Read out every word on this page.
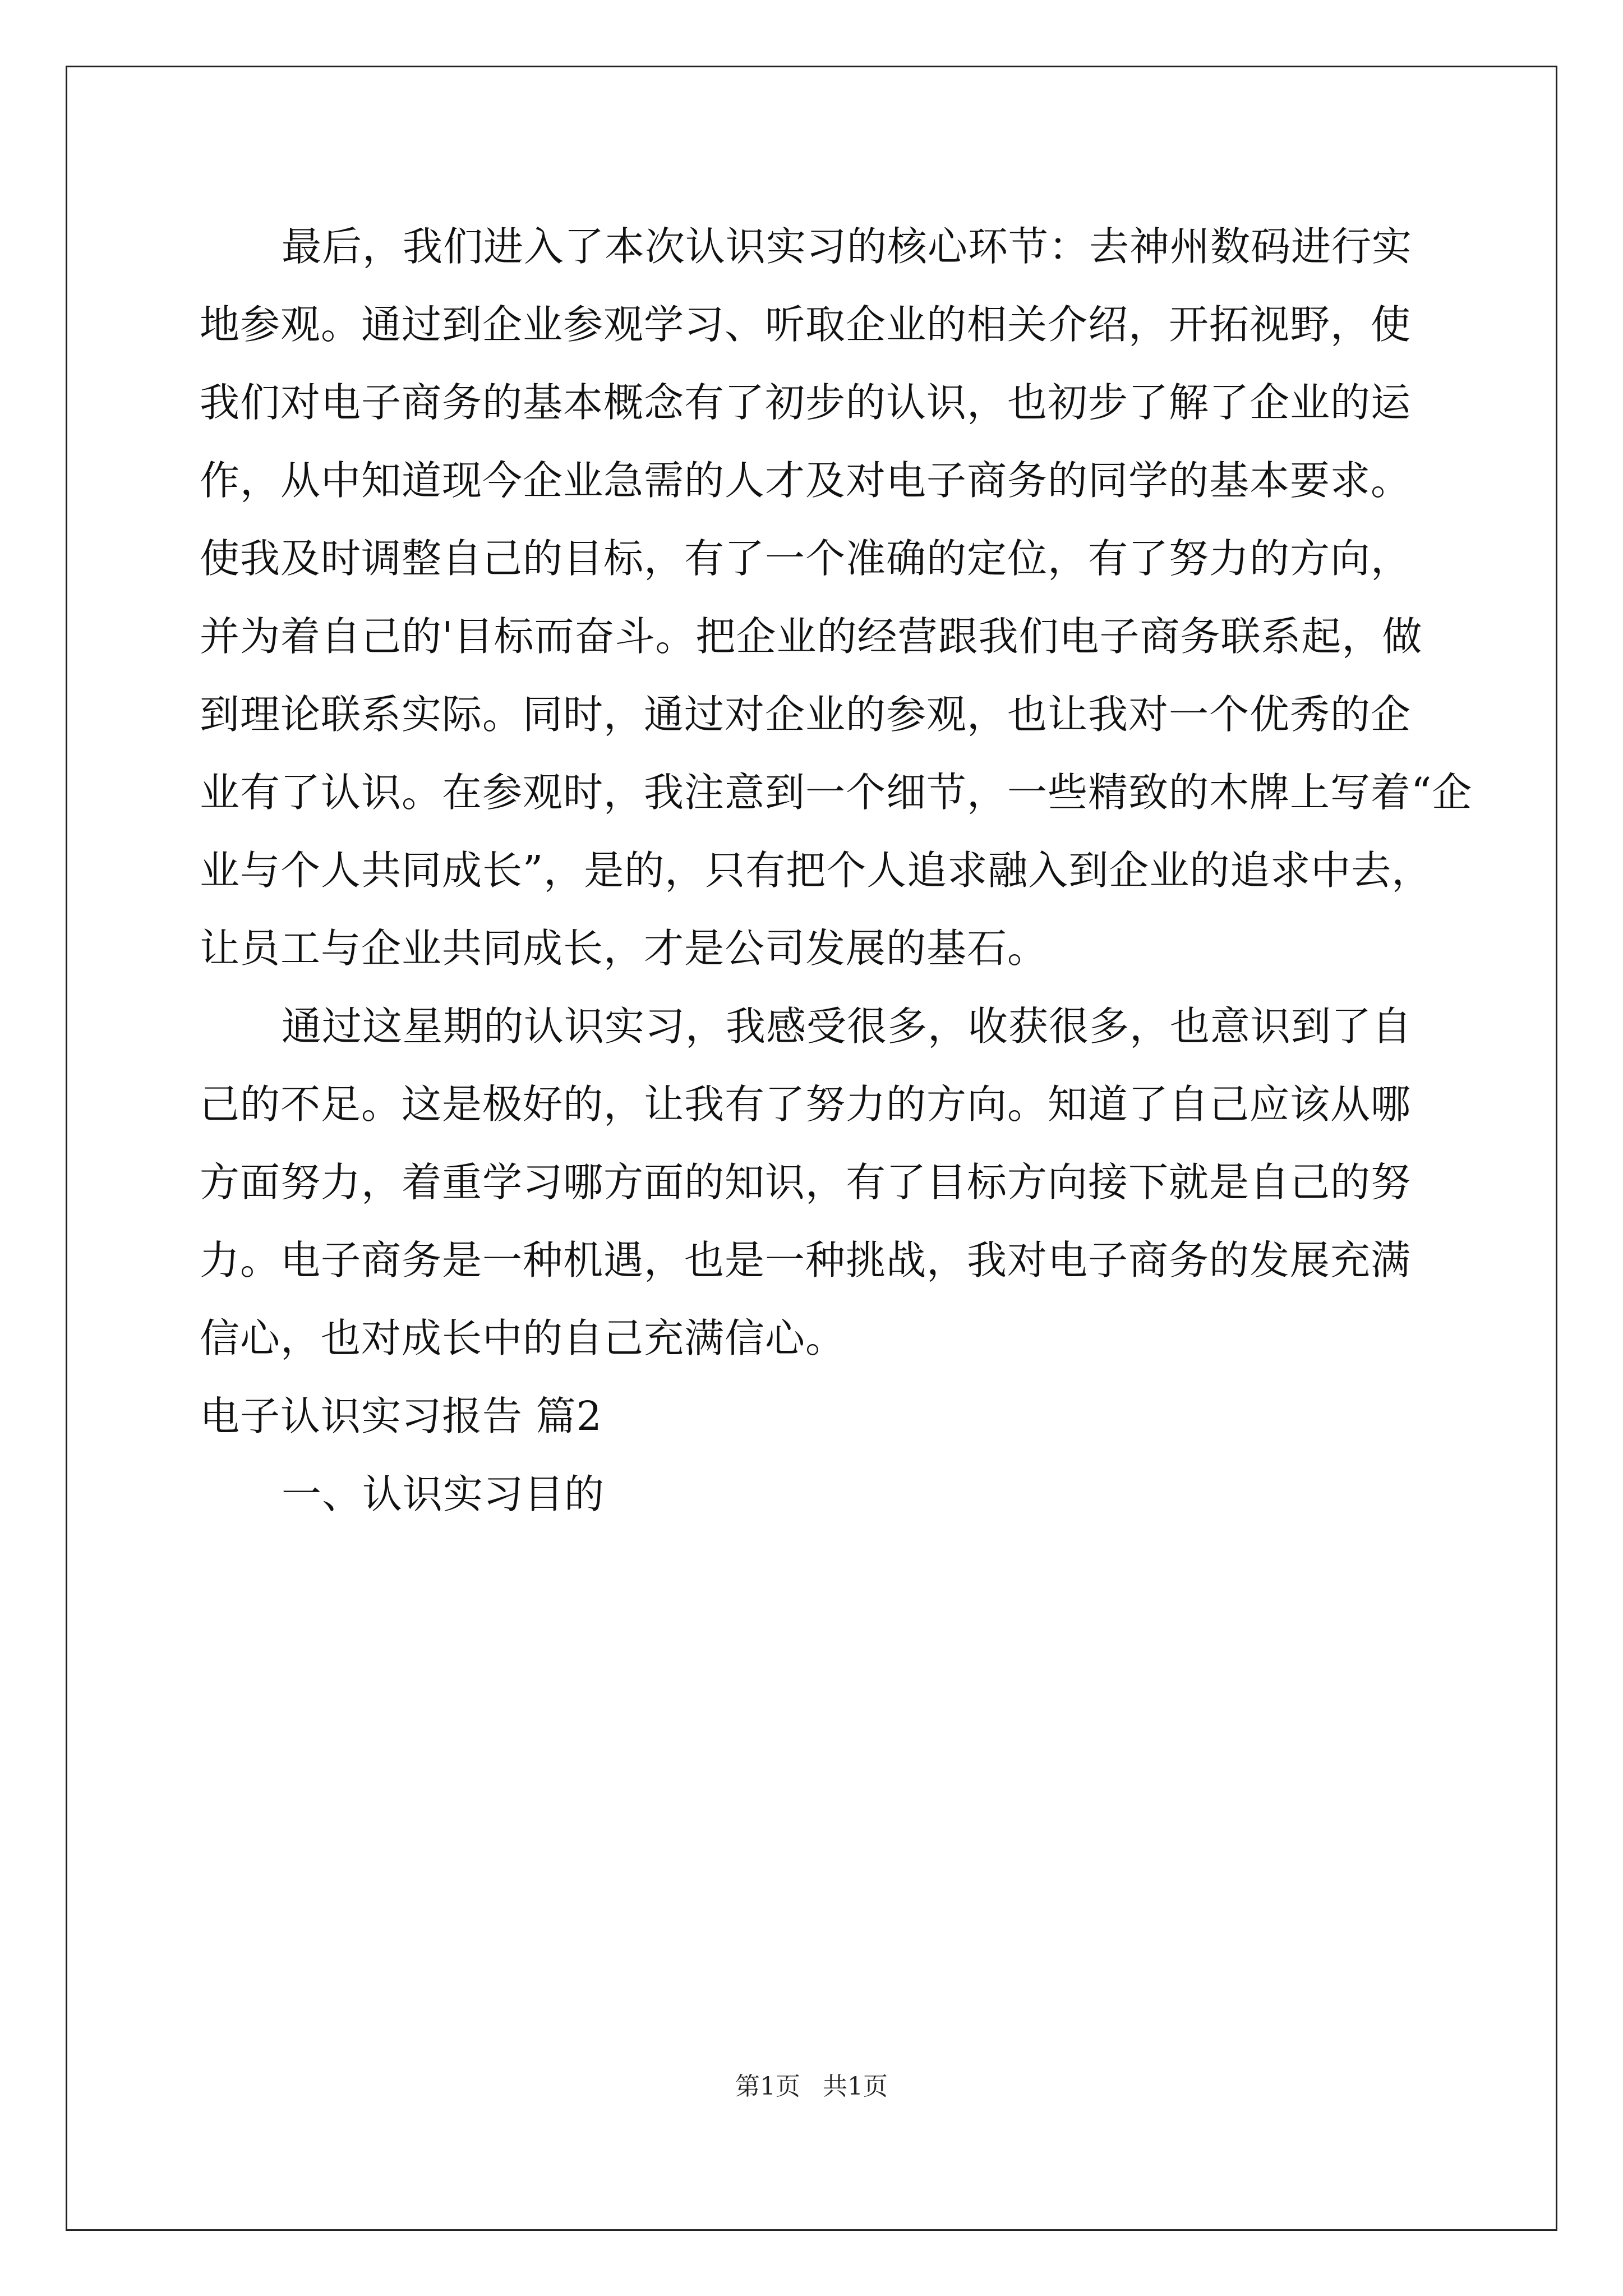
最后，我们进入了本次认识实习的核心环节：去神州数码进行实
地参观。通过到企业参观学习、听取企业的相关介绍，开拓视野，使
我们对电子商务的基本概念有了初步的认识，也初步了解了企业的运
作，从中知道现今企业急需的人才及对电子商务的同学的基本要求。
使我及时调整自己的目标，有了一个准确的定位，有了努力的方向，
并为着自己的'目标而奋斗。把企业的经营跟我们电子商务联系起，做
到理论联系实际。同时，通过对企业的参观，也让我对一个优秀的企
业有了认识。在参观时，我注意到一个细节，一些精致的木牌上写着“企
业与个人共同成长”，是的，只有把个人追求融入到企业的追求中去，
让员工与企业共同成长，才是公司发展的基石。
通过这星期的认识实习，我感受很多，收获很多，也意识到了自
己的不足。这是极好的，让我有了努力的方向。知道了自己应该从哪
方面努力，着重学习哪方面的知识，有了目标方向接下就是自己的努
力。电子商务是一种机遇，也是一种挑战，我对电子商务的发展充满
信心，也对成长中的自己充满信心。
电子认识实习报告 篇2
一、认识实习目的
第1页 共1页
